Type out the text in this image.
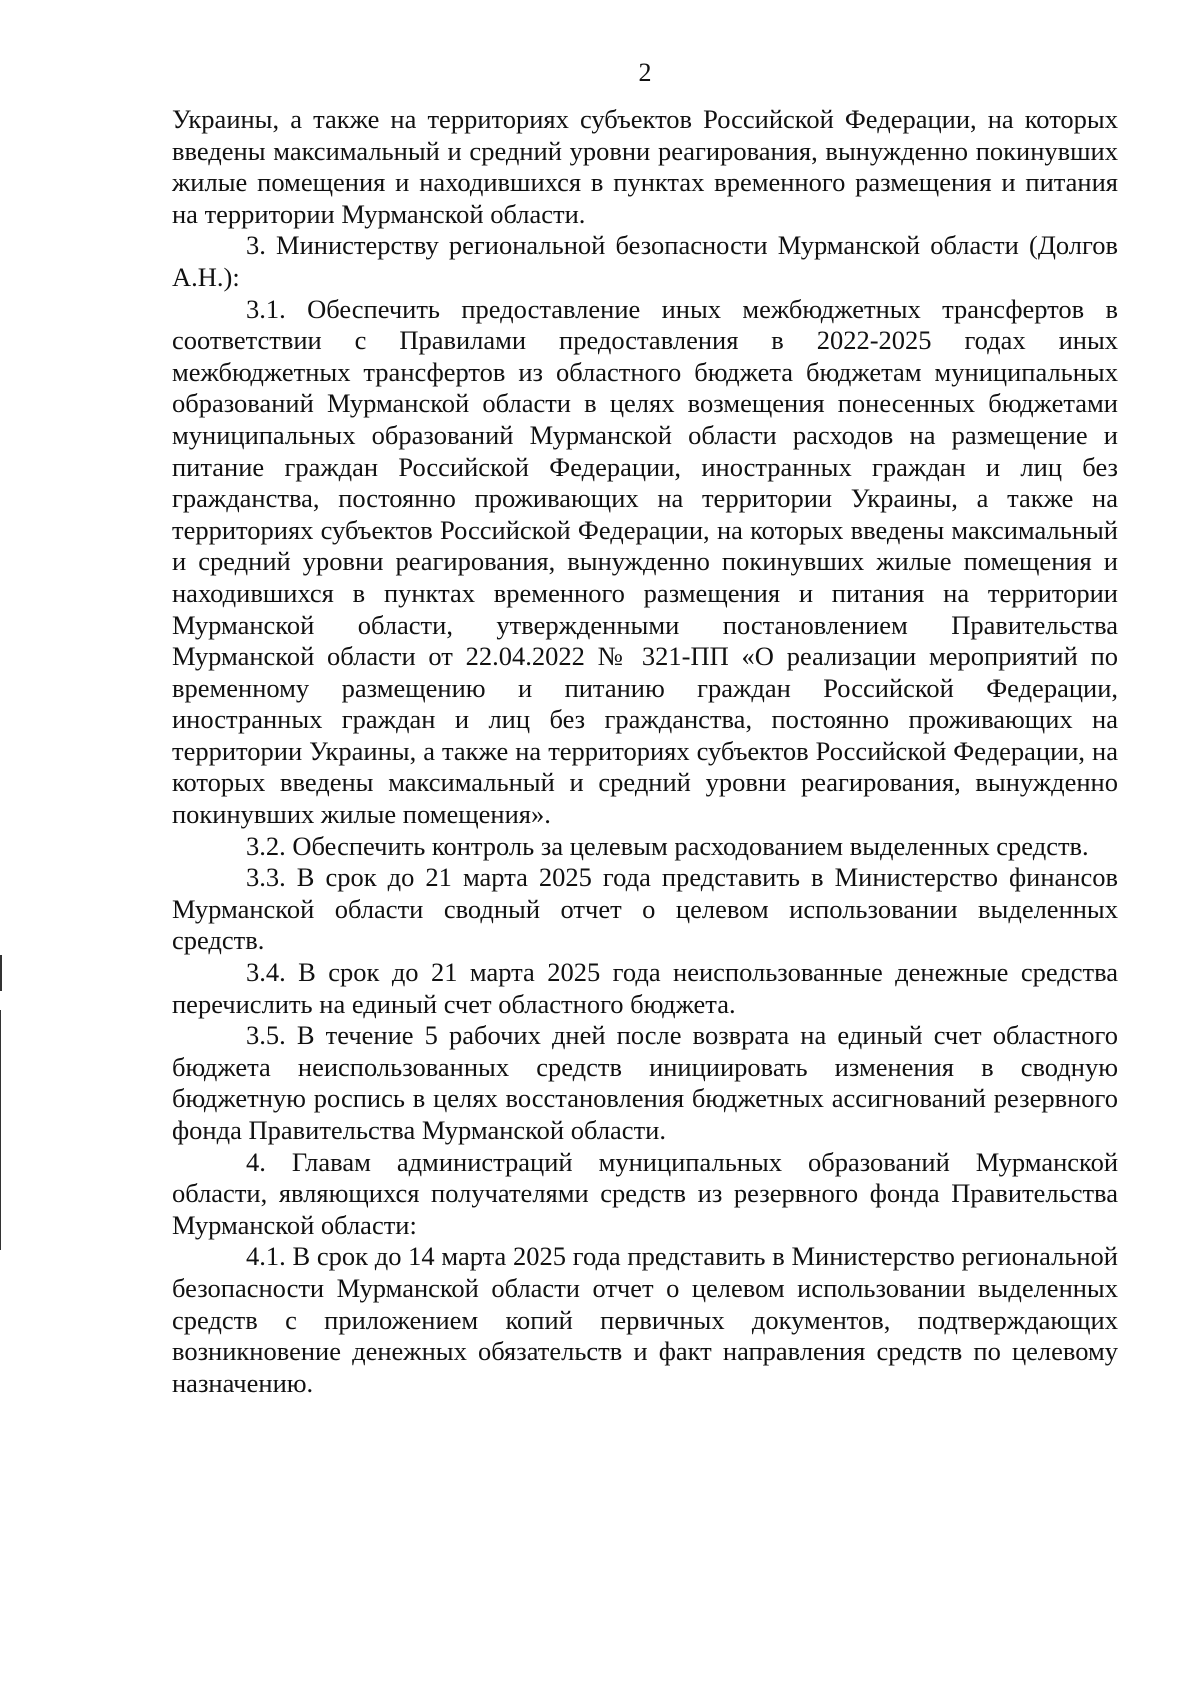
2

Украины, а также на территориях субъектов Российской Федерации, на которых введены максимальный и средний уровни реагирования, вынужденно покинувших жилые помещения и находившихся в пунктах временного размещения и питания на территории Мурманской области.

3. Министерству региональной безопасности Мурманской области (Долгов А.Н.):

3.1. Обеспечить предоставление иных межбюджетных трансфертов в соответствии с Правилами предоставления в 2022-2025 годах иных межбюджетных трансфертов из областного бюджета бюджетам муниципальных образований Мурманской области в целях возмещения понесенных бюджетами муниципальных образований Мурманской области расходов на размещение и питание граждан Российской Федерации, иностранных граждан и лиц без гражданства, постоянно проживающих на территории Украины, а также на территориях субъектов Российской Федерации, на которых введены максимальный и средний уровни реагирования, вынужденно покинувших жилые помещения и находившихся в пунктах временного размещения и питания на территории Мурманской области, утвержденными постановлением Правительства Мурманской области от 22.04.2022 № 321-ПП «О реализации мероприятий по временному размещению и питанию граждан Российской Федерации, иностранных граждан и лиц без гражданства, постоянно проживающих на территории Украины, а также на территориях субъектов Российской Федерации, на которых введены максимальный и средний уровни реагирования, вынужденно покинувших жилые помещения».

3.2. Обеспечить контроль за целевым расходованием выделенных средств.

3.3. В срок до 21 марта 2025 года представить в Министерство финансов Мурманской области сводный отчет о целевом использовании выделенных средств.

3.4. В срок до 21 марта 2025 года неиспользованные денежные средства перечислить на единый счет областного бюджета.

3.5. В течение 5 рабочих дней после возврата на единый счет областного бюджета неиспользованных средств инициировать изменения в сводную бюджетную роспись в целях восстановления бюджетных ассигнований резервного фонда Правительства Мурманской области.

4. Главам администраций муниципальных образований Мурманской области, являющихся получателями средств из резервного фонда Правительства Мурманской области:

4.1. В срок до 14 марта 2025 года представить в Министерство региональной безопасности Мурманской области отчет о целевом использовании выделенных средств с приложением копий первичных документов, подтверждающих возникновение денежных обязательств и факт направления средств по целевому назначению.
